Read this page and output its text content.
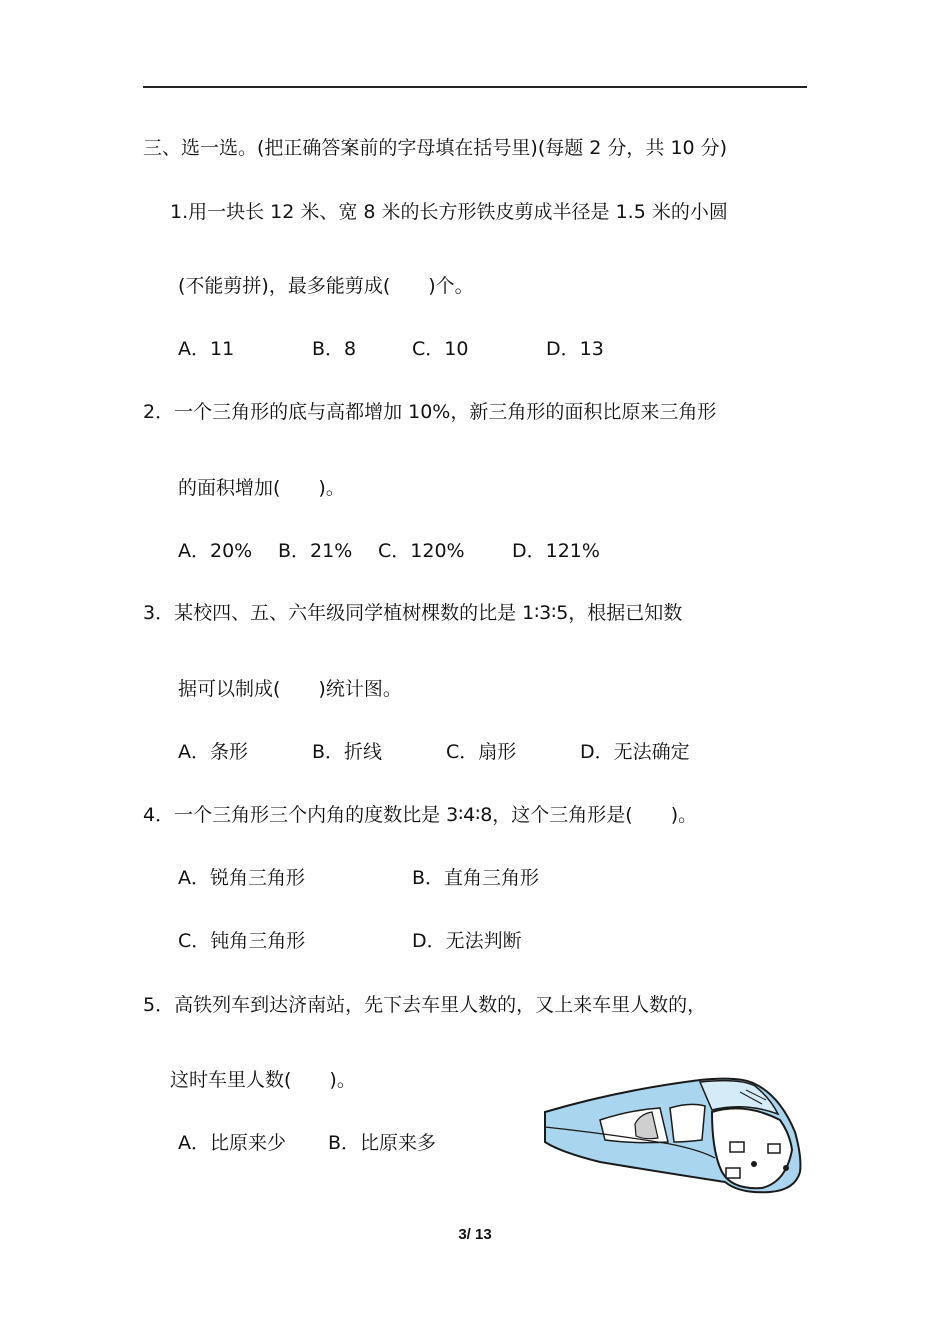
三、选一选。(把正确答案前的字母填在括号里)(每题 2 分，共 10 分)
1.用一块长 12 米、宽 8 米的长方形铁皮剪成半径是 1.5 米的小圆
(不能剪拼)，最多能剪成(　　)个。
A．11	B．8	C．10	D．13
2．一个三角形的底与高都增加 10%，新三角形的面积比原来三角形
的面积增加(　　)。
A．20% B．21% C．120% D．121%
3．某校四、五、六年级同学植树棵数的比是 1∶3∶5，根据已知数
据可以制成(　　)统计图。
A．条形	B．折线	C．扇形	D．无法确定
4．一个三角形三个内角的度数比是 3∶4∶8，这个三角形是(　　)。
A．锐角三角形	B．直角三角形
C．钝角三角形	D．无法判断
5．高铁列车到达济南站，先下去车里人数的，又上来车里人数的，
这时车里人数(　　)。
A．比原来少 B．比原来多
3/ 13
